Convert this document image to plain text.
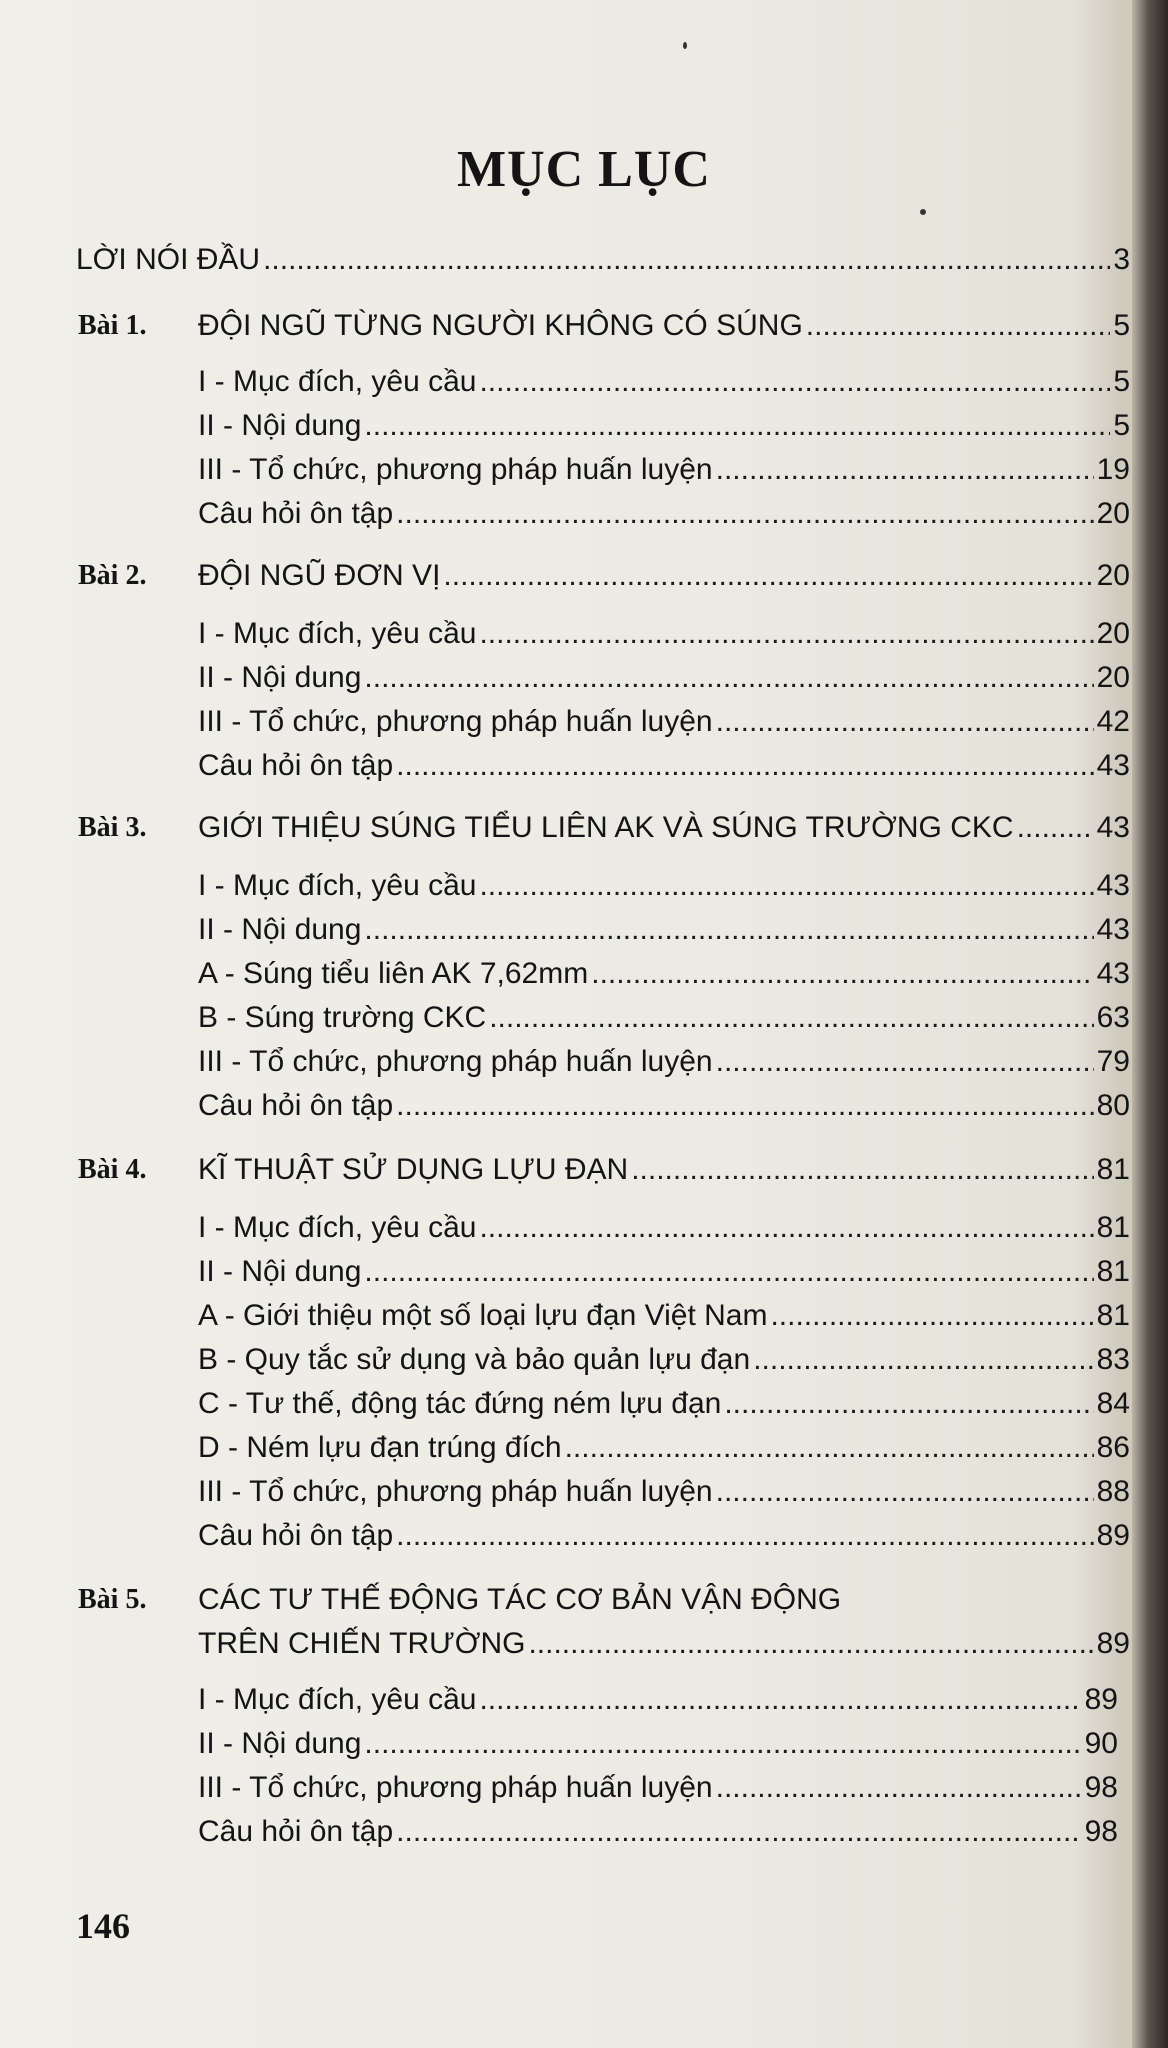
MỤC LỤC
LỜI NÓI ĐẦU .....	3
Bài 1. ĐỘI NGŨ TỪNG NGƯỜI KHÔNG CÓ SÚNG .....	5
I - Mục đích, yêu cầu .....	5
II - Nội dung .....	5
III - Tổ chức, phương pháp huấn luyện .....	19
Câu hỏi ôn tập .....	20
Bài 2. ĐỘI NGŨ ĐƠN VỊ .....	20
I - Mục đích, yêu cầu .....	20
II - Nội dung .....	20
III - Tổ chức, phương pháp huấn luyện .....	42
Câu hỏi ôn tập .....	43
Bài 3. GIỚI THIỆU SÚNG TIỂU LIÊN AK VÀ SÚNG TRƯỜNG CKC .....	43
I - Mục đích, yêu cầu .....	43
II - Nội dung .....	43
A - Súng tiểu liên AK 7,62mm .....	43
B - Súng trường CKC .....	63
III - Tổ chức, phương pháp huấn luyện .....	79
Câu hỏi ôn tập .....	80
Bài 4. KĨ THUẬT SỬ DỤNG LỰU ĐẠN .....	81
I - Mục đích, yêu cầu .....	81
II - Nội dung .....	81
A - Giới thiệu một số loại lựu đạn Việt Nam .....	81
B - Quy tắc sử dụng và bảo quản lựu đạn .....	83
C - Tư thế, động tác đứng ném lựu đạn .....	84
D - Ném lựu đạn trúng đích .....	86
III - Tổ chức, phương pháp huấn luyện .....	88
Câu hỏi ôn tập .....	89
Bài 5. CÁC TƯ THẾ ĐỘNG TÁC CƠ BẢN VẬN ĐỘNG
TRÊN CHIẾN TRƯỜNG .....	89
I - Mục đích, yêu cầu .....	89
II - Nội dung .....	90
III - Tổ chức, phương pháp huấn luyện .....	98
Câu hỏi ôn tập .....	98
146
